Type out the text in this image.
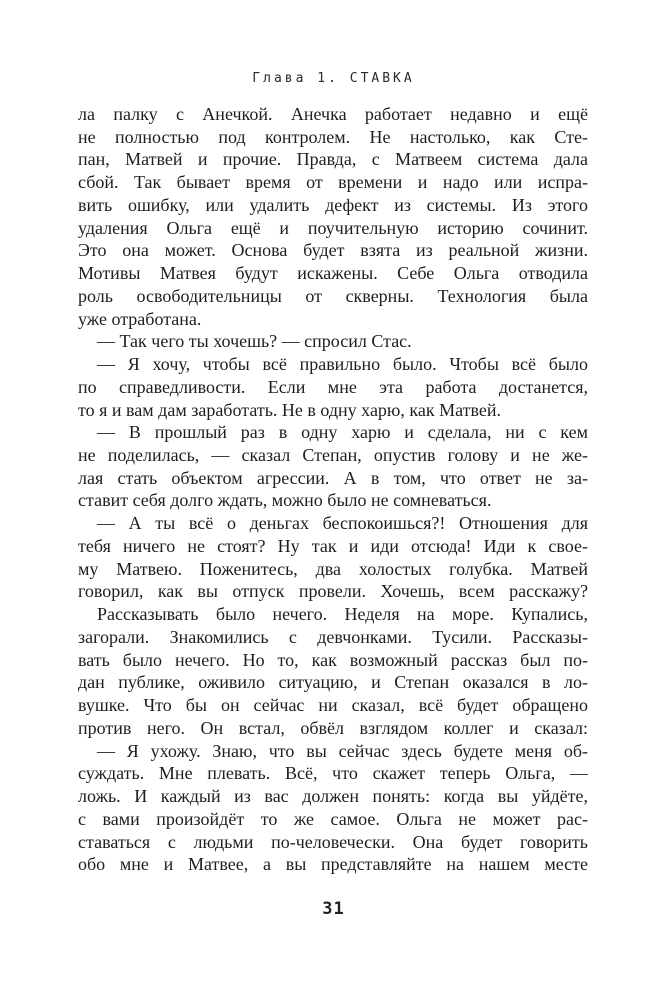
Глава 1. СТАВКА
ла палку с Анечкой. Анечка работает недавно и ещё
не полностью под контролем. Не настолько, как Сте-
пан, Матвей и прочие. Правда, с Матвеем система дала
сбой. Так бывает время от времени и надо или испра-
вить ошибку, или удалить дефект из системы. Из этого
удаления Ольга ещё и поучительную историю сочинит.
Это она может. Основа будет взята из реальной жизни.
Мотивы Матвея будут искажены. Себе Ольга отводила
роль освободительницы от скверны. Технология была
уже отработана.
— Так чего ты хочешь? — спросил Стас.
— Я хочу, чтобы всё правильно было. Чтобы всё было
по справедливости. Если мне эта работа достанется,
то я и вам дам заработать. Не в одну харю, как Матвей.
— В прошлый раз в одну харю и сделала, ни с кем
не поделилась, — сказал Степан, опустив голову и не же-
лая стать объектом агрессии. А в том, что ответ не за-
ставит себя долго ждать, можно было не сомневаться.
— А ты всё о деньгах беспокоишься?! Отношения для
тебя ничего не стоят? Ну так и иди отсюда! Иди к свое-
му Матвею. Поженитесь, два холостых голубка. Матвей
говорил, как вы отпуск провели. Хочешь, всем расскажу?
Рассказывать было нечего. Неделя на море. Купались,
загорали. Знакомились с девчонками. Тусили. Рассказы-
вать было нечего. Но то, как возможный рассказ был по-
дан публике, оживило ситуацию, и Степан оказался в ло-
вушке. Что бы он сейчас ни сказал, всё будет обращено
против него. Он встал, обвёл взглядом коллег и сказал:
— Я ухожу. Знаю, что вы сейчас здесь будете меня об-
суждать. Мне плевать. Всё, что скажет теперь Ольга, —
ложь. И каждый из вас должен понять: когда вы уйдёте,
с вами произойдёт то же самое. Ольга не может рас-
ставаться с людьми по-человечески. Она будет говорить
обо мне и Матвее, а вы представляйте на нашем месте
31
